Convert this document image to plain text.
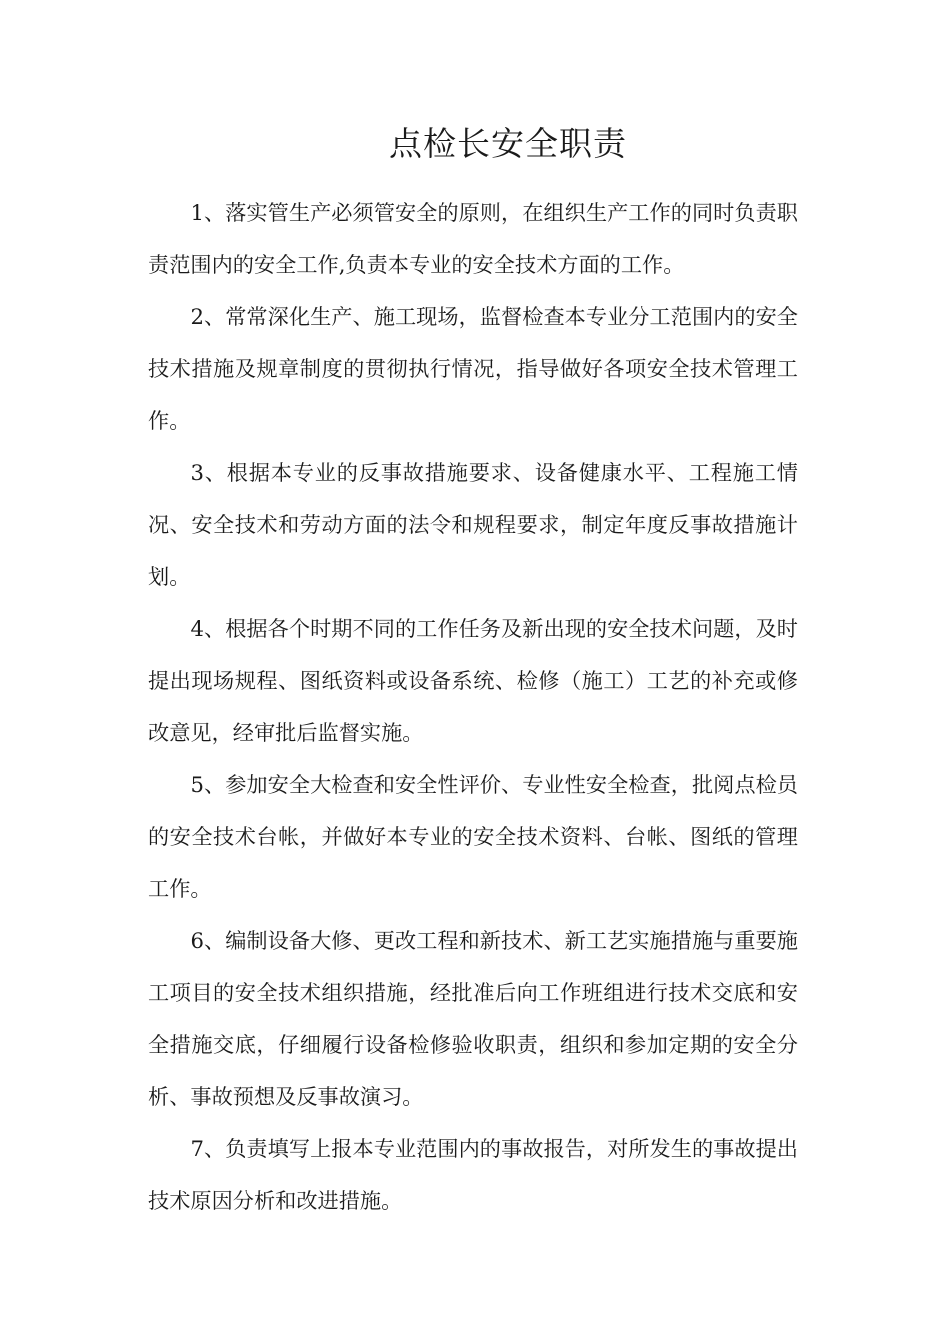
点检长安全职责

1、落实管生产必须管安全的原则，在组织生产工作的同时负责职责范围内的安全工作,负责本专业的安全技术方面的工作。

2、常常深化生产、施工现场，监督检查本专业分工范围内的安全技术措施及规章制度的贯彻执行情况，指导做好各项安全技术管理工作。

3、根据本专业的反事故措施要求、设备健康水平、工程施工情况、安全技术和劳动方面的法令和规程要求，制定年度反事故措施计划。

4、根据各个时期不同的工作任务及新出现的安全技术问题，及时提出现场规程、图纸资料或设备系统、检修（施工）工艺的补充或修改意见，经审批后监督实施。

5、参加安全大检查和安全性评价、专业性安全检查，批阅点检员的安全技术台帐，并做好本专业的安全技术资料、台帐、图纸的管理工作。

6、编制设备大修、更改工程和新技术、新工艺实施措施与重要施工项目的安全技术组织措施，经批准后向工作班组进行技术交底和安全措施交底，仔细履行设备检修验收职责，组织和参加定期的安全分析、事故预想及反事故演习。

7、负责填写上报本专业范围内的事故报告，对所发生的事故提出技术原因分析和改进措施。
